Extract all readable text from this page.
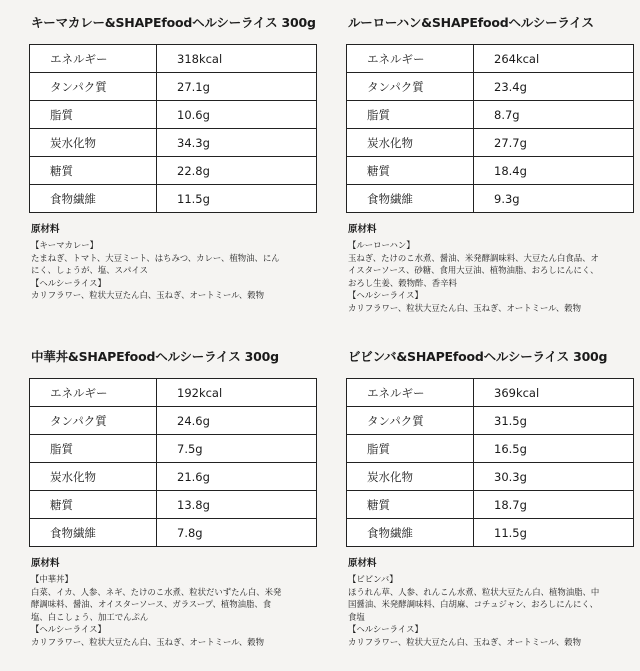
キーマカレー&SHAPEfoodヘルシーライス 300g
エネルギー	318kcal
タンパク質	27.1g
脂質	10.6g
炭水化物	34.3g
糖質	22.8g
食物繊維	11.5g
原材料
【キーマカレー】
たまねぎ、トマト、大豆ミート、はちみつ、カレー、植物油、にん
にく、しょうが、塩、スパイス
【ヘルシーライス】
カリフラワー、粒状大豆たん白、玉ねぎ、オートミール、穀物
ルーローハン&SHAPEfoodヘルシーライス
エネルギー	264kcal
タンパク質	23.4g
脂質	8.7g
炭水化物	27.7g
糖質	18.4g
食物繊維	9.3g
原材料
【ルーローハン】
玉ねぎ、たけのこ水煮、醤油、米発酵調味料、大豆たん白食品、オ
イスターソース、砂糖、食用大豆油、植物油脂、おろしにんにく、
おろし生姜、穀物酢、香辛料
【ヘルシーライス】
カリフラワー、粒状大豆たん白、玉ねぎ、オートミール、穀物
中華丼&SHAPEfoodヘルシーライス 300g
エネルギー	192kcal
タンパク質	24.6g
脂質	7.5g
炭水化物	21.6g
糖質	13.8g
食物繊維	7.8g
原材料
【中華丼】
白菜、イカ、人参、ネギ、たけのこ水煮、粒状だいずたん白、米発
酵調味料、醤油、オイスターソース、ガラスープ、植物油脂、食
塩、白こしょう、加工でんぷん
【ヘルシーライス】
カリフラワー、粒状大豆たん白、玉ねぎ、オートミール、穀物
ビビンバ&SHAPEfoodヘルシーライス 300g
エネルギー	369kcal
タンパク質	31.5g
脂質	16.5g
炭水化物	30.3g
糖質	18.7g
食物繊維	11.5g
原材料
【ビビンバ】
ほうれん草、人参、れんこん水煮、粒状大豆たん白、植物油脂、中
国醤油、米発酵調味料、白胡麻、コチュジャン、おろしにんにく、
食塩
【ヘルシーライス】
カリフラワー、粒状大豆たん白、玉ねぎ、オートミール、穀物
